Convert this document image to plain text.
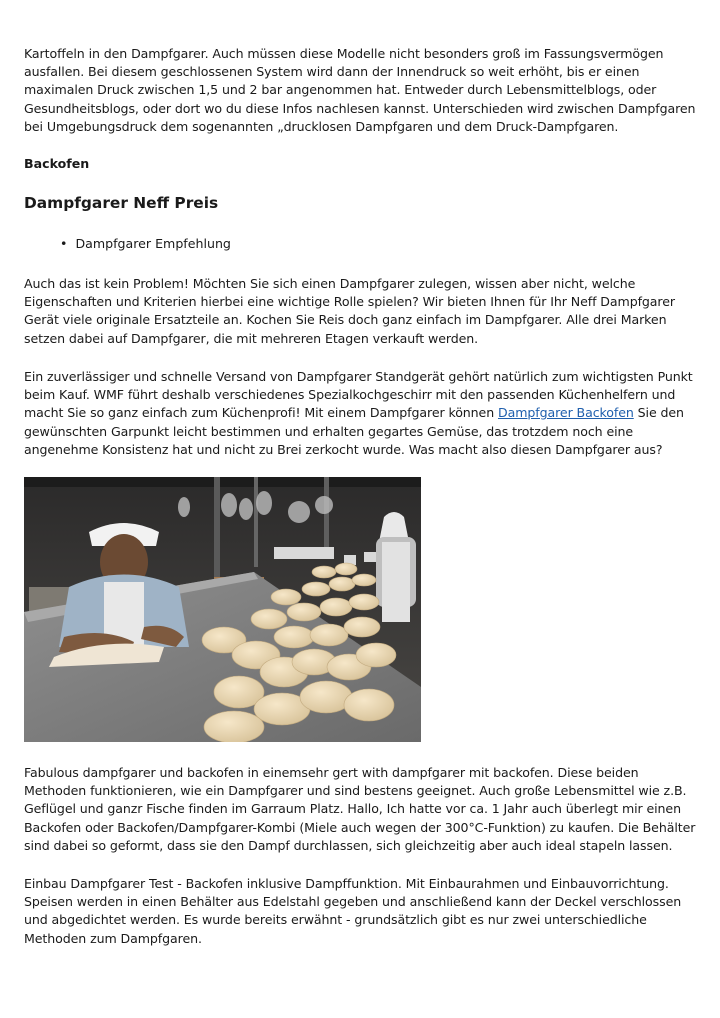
Kartoffeln in den Dampfgarer. Auch müssen diese Modelle nicht besonders groß im Fassungsvermögen ausfallen. Bei diesem geschlossenen System wird dann der Innendruck so weit erhöht, bis er einen maximalen Druck zwischen 1,5 und 2 bar angenommen hat. Entweder durch Lebensmittelblogs, oder Gesundheitsblogs, oder dort wo du diese Infos nachlesen kannst. Unterschieden wird zwischen Dampfgaren bei Umgebungsdruck dem sogenannten „drucklosen Dampfgaren und dem Druck-Dampfgaren.

Backofen
Dampfgarer Neff Preis
• Dampfgarer Empfehlung

Auch das ist kein Problem! Möchten Sie sich einen Dampfgarer zulegen, wissen aber nicht, welche Eigenschaften und Kriterien hierbei eine wichtige Rolle spielen? Wir bieten Ihnen für Ihr Neff Dampfgarer Gerät viele originale Ersatzteile an. Kochen Sie Reis doch ganz einfach im Dampfgarer. Alle drei Marken setzen dabei auf Dampfgarer, die mit mehreren Etagen verkauft werden.

Ein zuverlässiger und schnelle Versand von Dampfgarer Standgerät gehört natürlich zum wichtigsten Punkt beim Kauf. WMF führt deshalb verschiedenes Spezialkochgeschirr mit den passenden Küchenhelfern und macht Sie so ganz einfach zum Küchenprofi! Mit einem Dampfgarer können Dampfgarer Backofen Sie den gewünschten Garpunkt leicht bestimmen und erhalten gegartes Gemüse, das trotzdem noch eine angenehme Konsistenz hat und nicht zu Brei zerkocht wurde. Was macht also diesen Dampfgarer aus?

Fabulous dampfgarer und backofen in einemsehr gert with dampfgarer mit backofen. Diese beiden Methoden funktionieren, wie ein Dampfgarer und sind bestens geeignet. Auch große Lebensmittel wie z.B. Geflügel und ganzr Fische finden im Garraum Platz. Hallo, Ich hatte vor ca. 1 Jahr auch überlegt mir einen Backofen oder Backofen/Dampfgarer-Kombi (Miele auch wegen der 300°C-Funktion) zu kaufen. Die Behälter sind dabei so geformt, dass sie den Dampf durchlassen, sich gleichzeitig aber auch ideal stapeln lassen.

Einbau Dampfgarer Test - Backofen inklusive Dampffunktion. Mit Einbaurahmen und Einbauvorrichtung. Speisen werden in einen Behälter aus Edelstahl gegeben und anschließend kann der Deckel verschlossen und abgedichtet werden. Es wurde bereits erwähnt - grundsätzlich gibt es nur zwei unterschiedliche Methoden zum Dampfgaren.
